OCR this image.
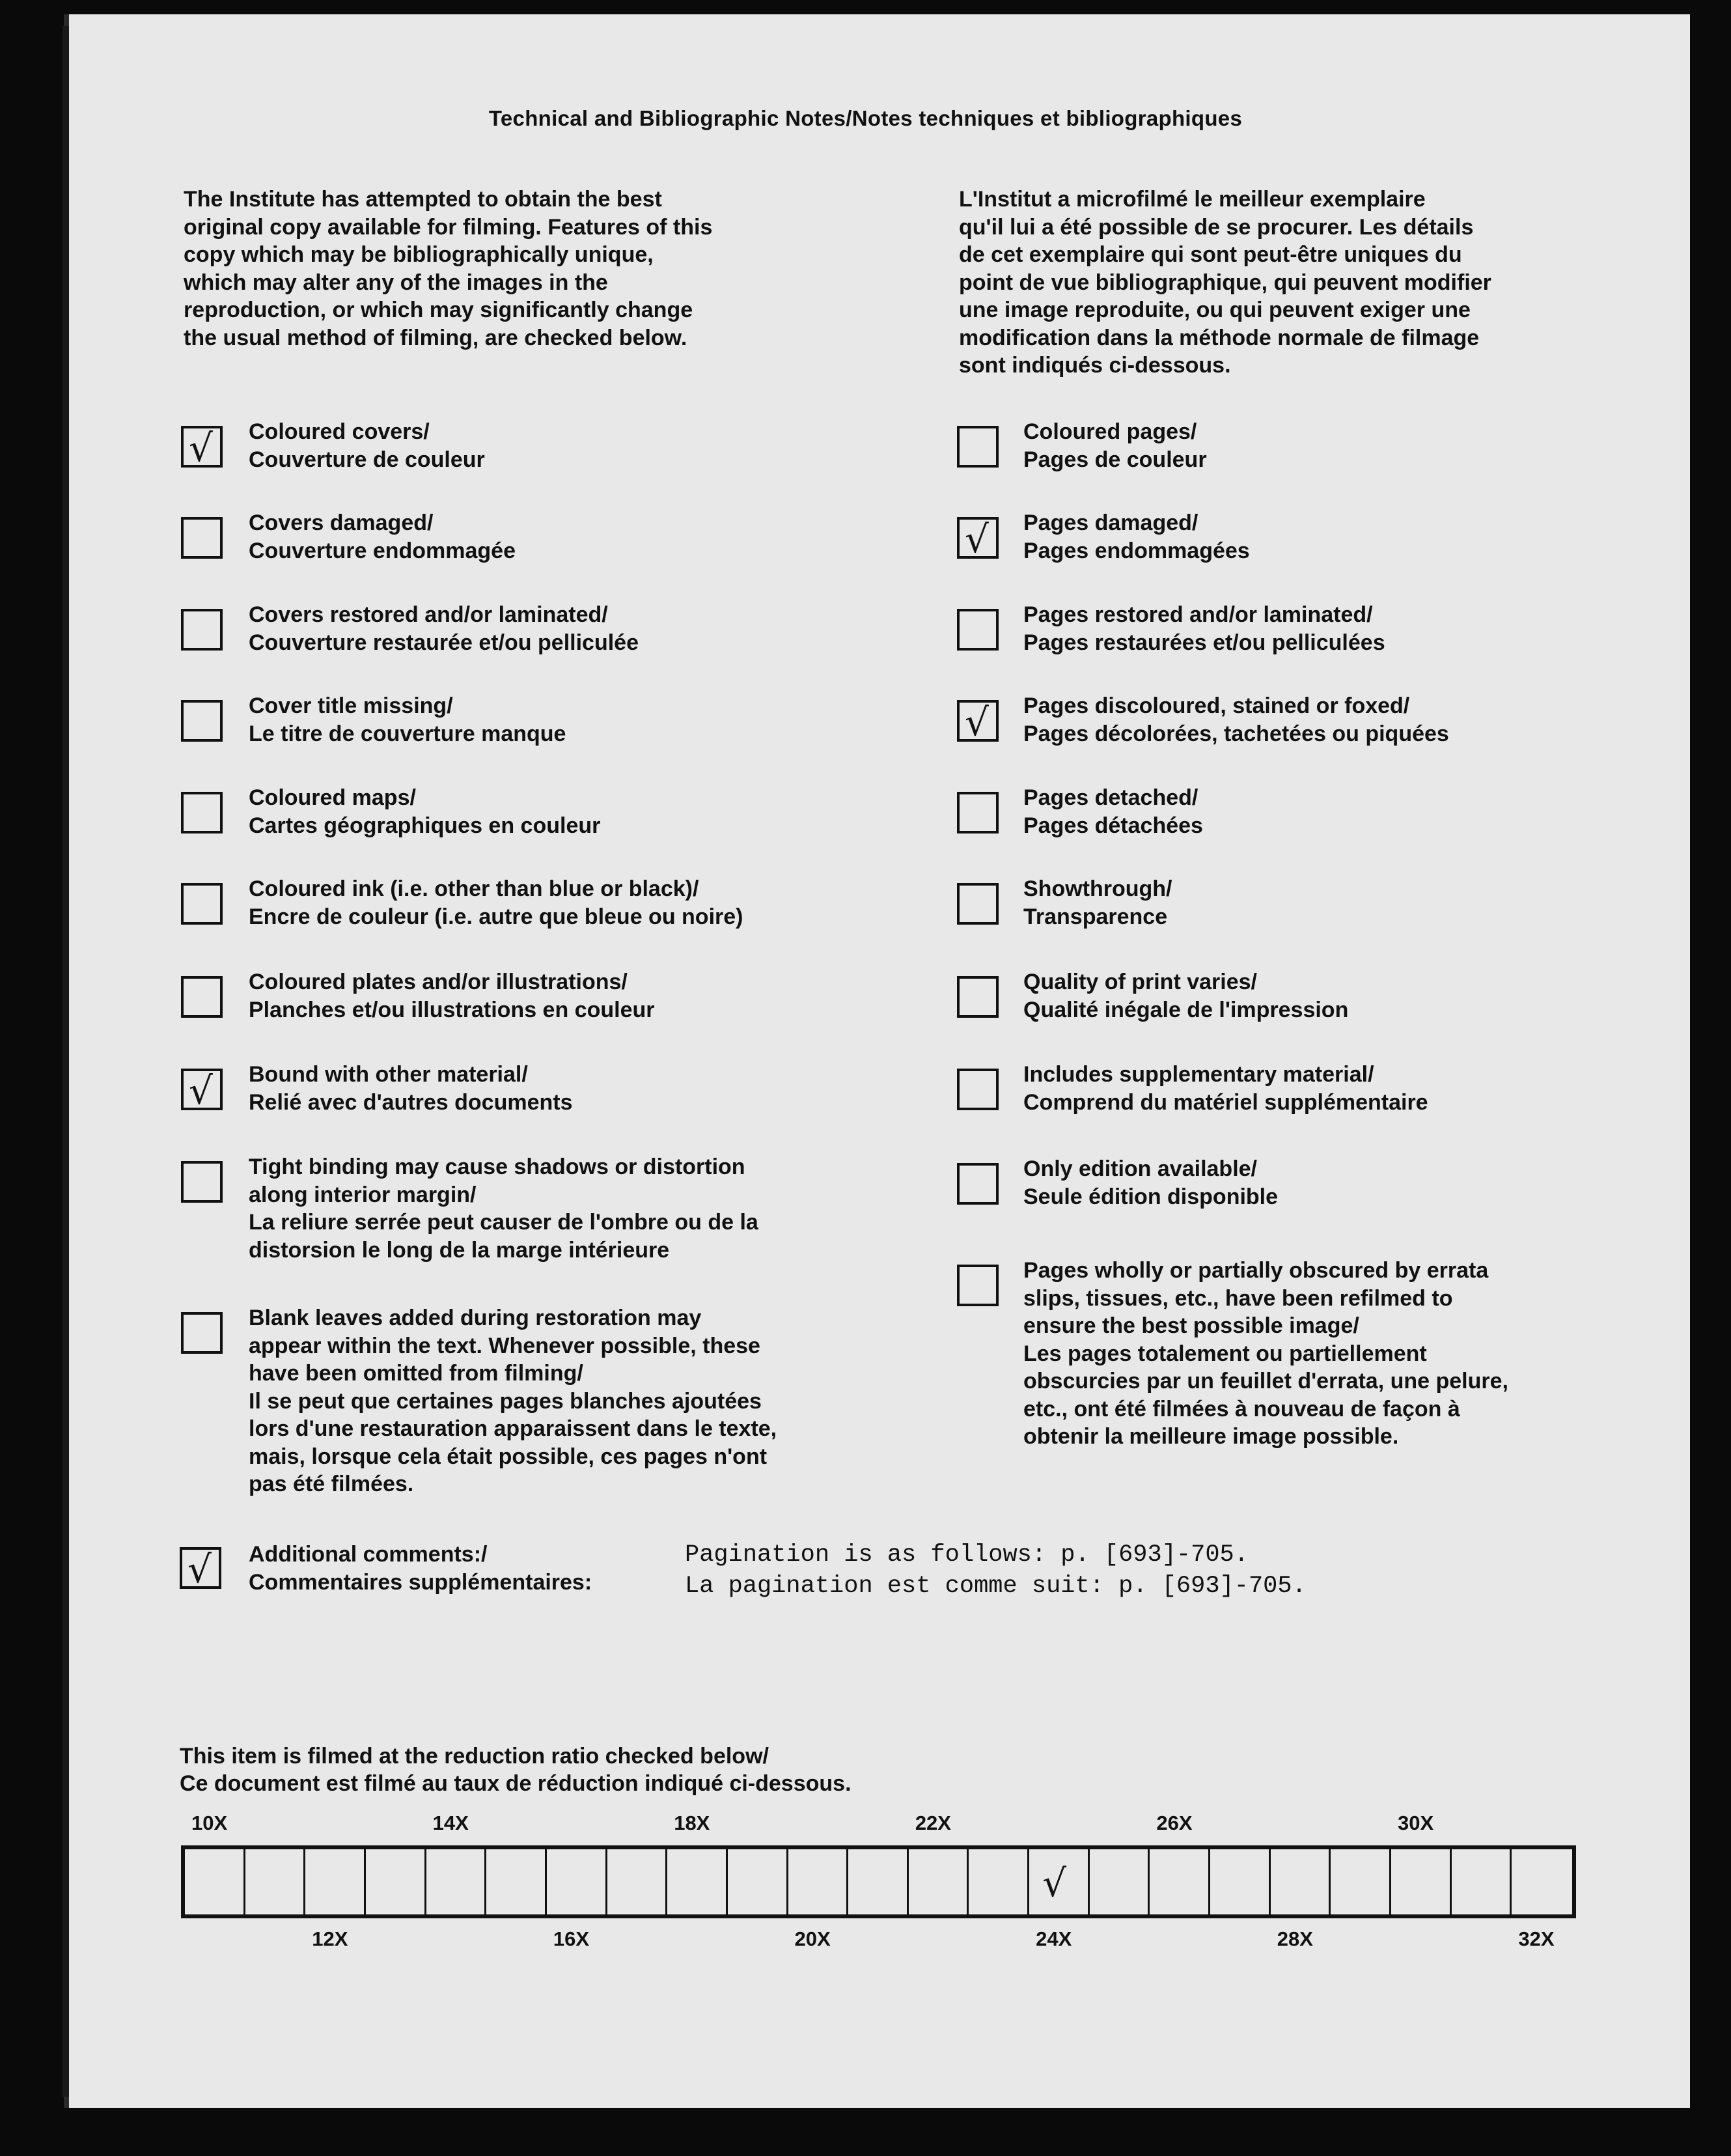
Technical and Bibliographic Notes/Notes techniques et bibliographiques
The Institute has attempted to obtain the best
original copy available for filming. Features of this
copy which may be bibliographically unique,
which may alter any of the images in the
reproduction, or which may significantly change
the usual method of filming, are checked below.
L'Institut a microfilmé le meilleur exemplaire
qu'il lui a été possible de se procurer. Les détails
de cet exemplaire qui sont peut-être uniques du
point de vue bibliographique, qui peuvent modifier
une image reproduite, ou qui peuvent exiger une
modification dans la méthode normale de filmage
sont indiqués ci-dessous.
√ Coloured covers/
Couverture de couleur
Covers damaged/
Couverture endommagée
Covers restored and/or laminated/
Couverture restaurée et/ou pelliculée
Cover title missing/
Le titre de couverture manque
Coloured maps/
Cartes géographiques en couleur
Coloured ink (i.e. other than blue or black)/
Encre de couleur (i.e. autre que bleue ou noire)
Coloured plates and/or illustrations/
Planches et/ou illustrations en couleur
√ Bound with other material/
Relié avec d'autres documents
Tight binding may cause shadows or distortion
along interior margin/
La reliure serrée peut causer de l'ombre ou de la
distorsion le long de la marge intérieure
Blank leaves added during restoration may
appear within the text. Whenever possible, these
have been omitted from filming/
Il se peut que certaines pages blanches ajoutées
lors d'une restauration apparaissent dans le texte,
mais, lorsque cela était possible, ces pages n'ont
pas été filmées.
Coloured pages/
Pages de couleur
√ Pages damaged/
Pages endommagées
Pages restored and/or laminated/
Pages restaurées et/ou pelliculées
√ Pages discoloured, stained or foxed/
Pages décolorées, tachetées ou piquées
Pages detached/
Pages détachées
Showthrough/
Transparence
Quality of print varies/
Qualité inégale de l'impression
Includes supplementary material/
Comprend du matériel supplémentaire
Only edition available/
Seule édition disponible
Pages wholly or partially obscured by errata
slips, tissues, etc., have been refilmed to
ensure the best possible image/
Les pages totalement ou partiellement
obscurcies par un feuillet d'errata, une pelure,
etc., ont été filmées à nouveau de façon à
obtenir la meilleure image possible.
√ Additional comments:/
Commentaires supplémentaires:
Pagination is as follows: p. [693]-705.
La pagination est comme suit: p. [693]-705.
This item is filmed at the reduction ratio checked below/
Ce document est filmé au taux de réduction indiqué ci-dessous.
10X	14X	18X	22X	26X	30X
√
12X	16X	20X	24X	28X	32X
